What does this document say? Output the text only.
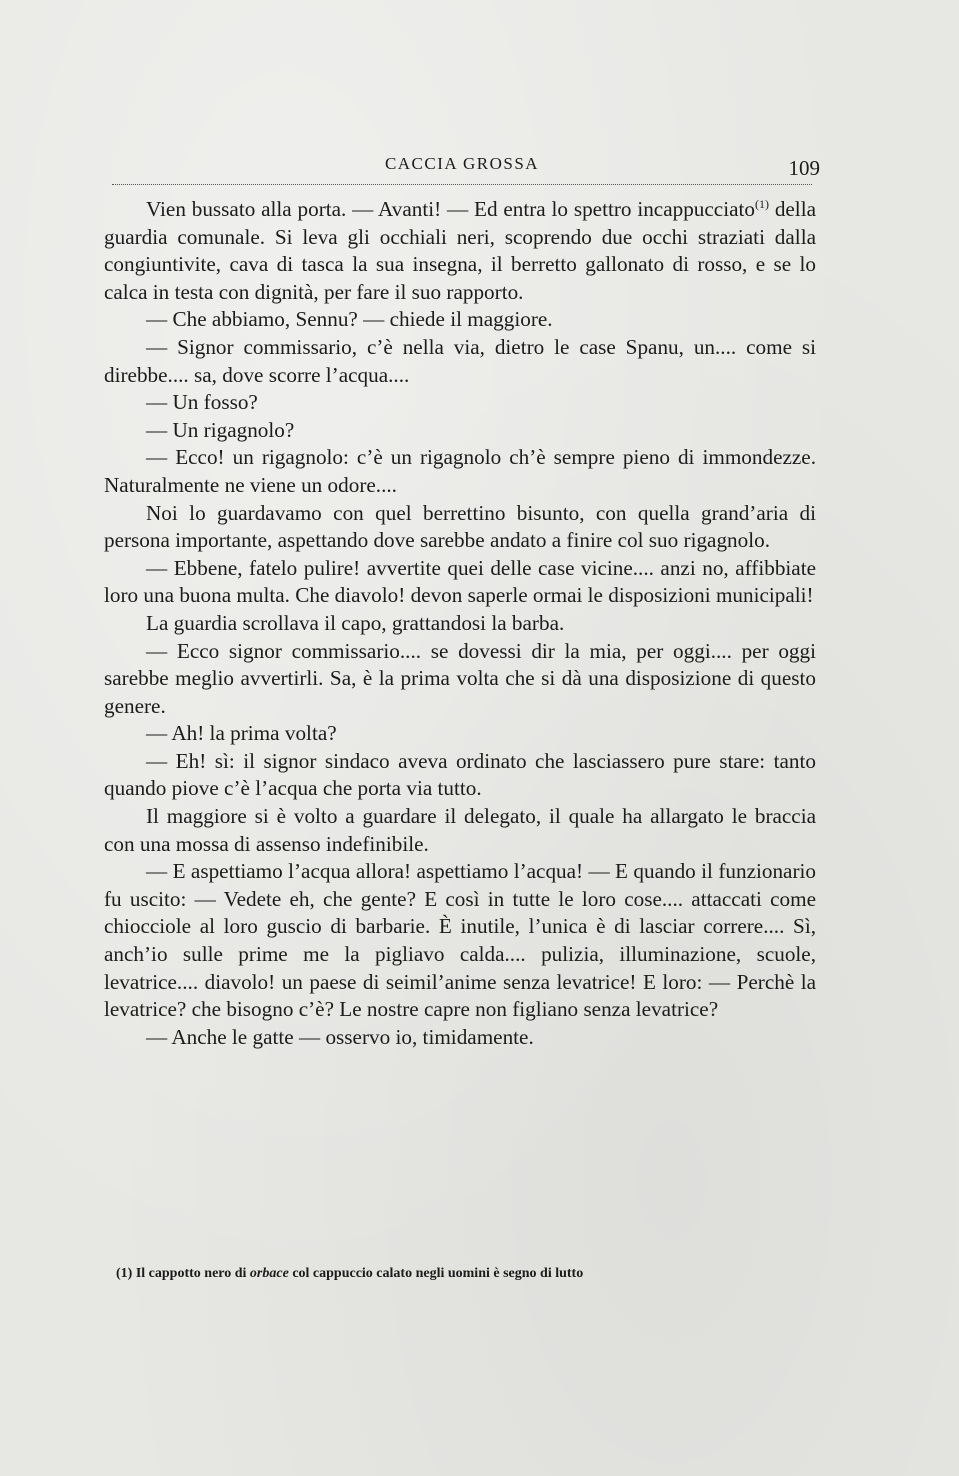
CACCIA GROSSA	109

Vien bussato alla porta. — Avanti! — Ed entra lo spettro incappucciato$^{(1)}$ della guardia comunale. Si leva gli occhiali neri, scoprendo due occhi straziati dalla congiuntivite, cava di tasca la sua insegna, il berretto gallonato di rosso, e se lo calca in testa con dignità, per fare il suo rapporto.

— Che abbiamo, Sennu? — chiede il maggiore.

— Signor commissario, c’è nella via, dietro le case Spanu, un.... come si direbbe.... sa, dove scorre l’acqua....

— Un fosso?

— Un rigagnolo?

— Ecco! un rigagnolo: c’è un rigagnolo ch’è sempre pieno di immondezze. Naturalmente ne viene un odore....

Noi lo guardavamo con quel berrettino bisunto, con quella grand’aria di persona importante, aspettando dove sarebbe andato a finire col suo rigagnolo.

— Ebbene, fatelo pulire! avvertite quei delle case vicine.... anzi no, affibbiate loro una buona multa. Che diavolo! devon saperle ormai le disposizioni municipali!

La guardia scrollava il capo, grattandosi la barba.

— Ecco signor commissario.... se dovessi dir la mia, per oggi.... per oggi sarebbe meglio avvertirli. Sa, è la prima volta che si dà una disposizione di questo genere.

— Ah! la prima volta?

— Eh! sì: il signor sindaco aveva ordinato che lasciassero pure stare: tanto quando piove c’è l’acqua che porta via tutto.

Il maggiore si è volto a guardare il delegato, il quale ha allargato le braccia con una mossa di assenso indefinibile.

— E aspettiamo l’acqua allora! aspettiamo l’acqua! — E quando il funzionario fu uscito: — Vedete eh, che gente? E così in tutte le loro cose.... attaccati come chiocciole al loro guscio di barbarie. È inutile, l’unica è di lasciar correre.... Sì, anch’io sulle prime me la pigliavo calda.... pulizia, illuminazione, scuole, levatrice.... diavolo! un paese di seimil’anime senza levatrice! E loro: — Perchè la levatrice? che bisogno c’è? Le nostre capre non figliano senza levatrice?

— Anche le gatte — osservo io, timidamente.

(1) Il cappotto nero di orbace col cappuccio calato negli uomini è segno di lutto
